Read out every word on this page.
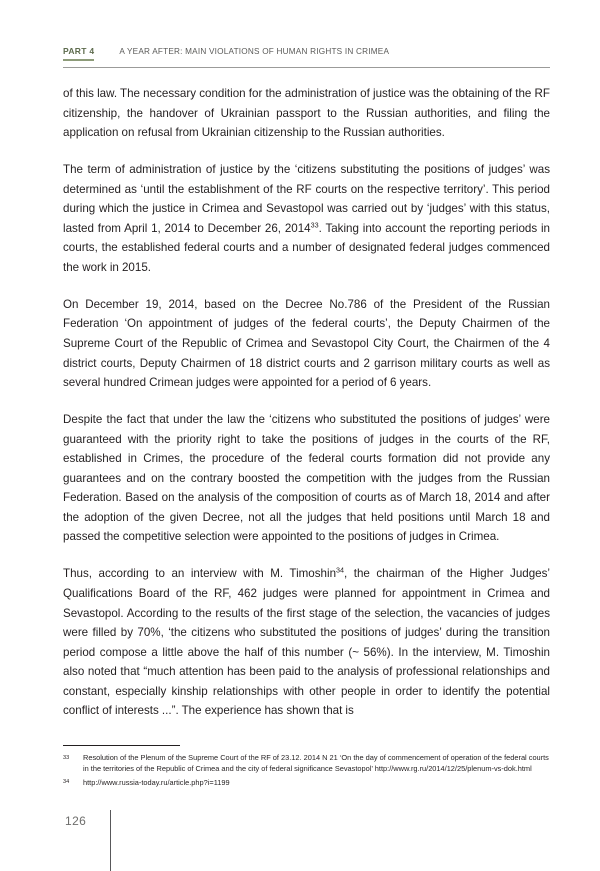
PART 4	A YEAR AFTER: MAIN VIOLATIONS OF HUMAN RIGHTS IN CRIMEA

of this law. The necessary condition for the administration of justice was the obtaining of the RF citizenship, the handover of Ukrainian passport to the Russian authorities, and filing the application on refusal from Ukrainian citizenship to the Russian authorities.

The term of administration of justice by the ‘citizens substituting the positions of judges’ was determined as ‘until the establishment of the RF courts on the respective territory’. This period during which the justice in Crimea and Sevastopol was carried out by ‘judges’ with this status, lasted from April 1, 2014 to December 26, 2014$^{33}$. Taking into account the reporting periods in courts, the established federal courts and a number of designated federal judges commenced the work in 2015.

On December 19, 2014, based on the Decree No.786 of the President of the Russian Federation ‘On appointment of judges of the federal courts’, the Deputy Chairmen of the Supreme Court of the Republic of Crimea and Sevastopol City Court, the Chairmen of the 4 district courts, Deputy Chairmen of 18 district courts and 2 garrison military courts as well as several hundred Crimean judges were appointed for a period of 6 years.

Despite the fact that under the law the ‘citizens who substituted the positions of judges’ were guaranteed with the priority right to take the positions of judges in the courts of the RF, established in Crimes, the procedure of the federal courts formation did not provide any guarantees and on the contrary boosted the competition with the judges from the Russian Federation. Based on the analysis of the composition of courts as of March 18, 2014 and after the adoption of the given Decree, not all the judges that held positions until March 18 and passed the competitive selection were appointed to the positions of judges in Crimea.

Thus, according to an interview with M. Timoshin$^{34}$, the chairman of the Higher Judges’ Qualifications Board of the RF, 462 judges were planned for appointment in Crimea and Sevastopol. According to the results of the first stage of the selection, the vacancies of judges were filled by 70%, ‘the citizens who substituted the positions of judges’ during the transition period compose a little above the half of this number (~ 56%). In the interview, M. Timoshin also noted that “much attention has been paid to the analysis of professional relationships and constant, especially kinship relationships with other people in order to identify the potential conflict of interests ...”. The experience has shown that is

33	Resolution of the Plenum of the Supreme Court of the RF of 23.12. 2014 N 21 ‘On the day of commencement of operation of the federal courts in the territories of the Republic of Crimea and the city of federal significance Sevastopol’ http://www.rg.ru/2014/12/25/plenum-vs-dok.html
34	http://www.russia-today.ru/article.php?i=1199
126
